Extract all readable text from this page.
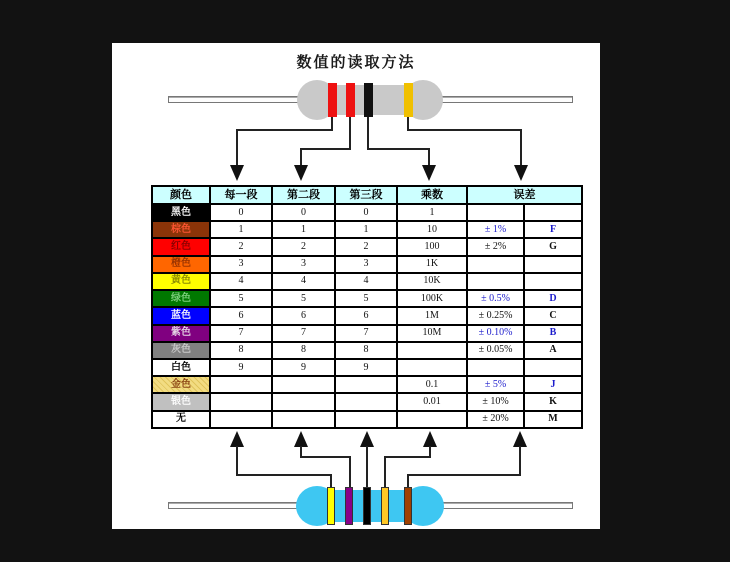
数值的读取方法
颜色	每一段	第二段	第三段	乘数	误差	
黑色	0	0	0	1		
棕色	1	1	1	10	± 1%	F
红色	2	2	2	100	± 2%	G
橙色	3	3	3	1K		
黄色	4	4	4	10K		
绿色	5	5	5	100K	± 0.5%	D
蓝色	6	6	6	1M	± 0.25%	C
紫色	7	7	7	10M	± 0.10%	B
灰色	8	8	8		± 0.05%	A
白色	9	9	9			
金色				0.1	± 5%	J
银色				0.01	± 10%	K
无					± 20%	M
